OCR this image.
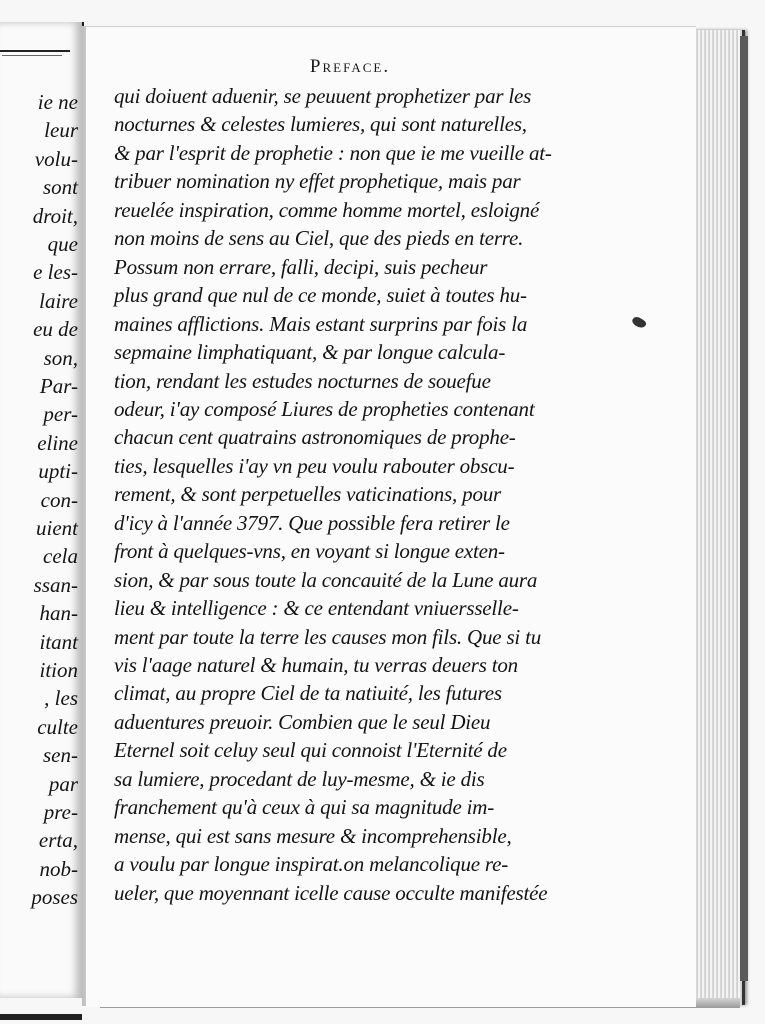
ie ne
leur
volu-
sont
droit,
que
e les-
laire
eu de
son,
Par-
per-
eline
upti-
con-
uient
cela
ssan-
han-
itant
ition
, les
culte
sen-
par
pre-
erta,
nob-
poses
Preface.
qui doiuent aduenir, se peuuent prophetizer par les
nocturnes & celestes lumieres, qui sont naturelles,
& par l'esprit de prophetie : non que ie me vueille at-
tribuer nomination ny effet prophetique, mais par
reuelée inspiration, comme homme mortel, esloigné
non moins de sens au Ciel, que des pieds en terre.
Possum non errare, falli, decipi, suis pecheur
plus grand que nul de ce monde, suiet à toutes hu-
maines afflictions. Mais estant surprins par fois la
sepmaine limphatiquant, & par longue calcula-
tion, rendant les estudes nocturnes de souefue
odeur, i'ay composé Liures de propheties contenant
chacun cent quatrains astronomiques de prophe-
ties, lesquelles i'ay vn peu voulu rabouter obscu-
rement, & sont perpetuelles vaticinations, pour
d'icy à l'année 3797. Que possible fera retirer le
front à quelques-vns, en voyant si longue exten-
sion, & par sous toute la concauité de la Lune aura
lieu & intelligence : & ce entendant vniuersselle-
ment par toute la terre les causes mon fils. Que si tu
vis l'aage naturel & humain, tu verras deuers ton
climat, au propre Ciel de ta natiuité, les futures
aduentures preuoir. Combien que le seul Dieu
Eternel soit celuy seul qui connoist l'Eternité de
sa lumiere, procedant de luy-mesme, & ie dis
franchement qu'à ceux à qui sa magnitude im-
mense, qui est sans mesure & incomprehensible,
a voulu par longue inspirat.on melancolique re-
ueler, que moyennant icelle cause occulte manifestée
